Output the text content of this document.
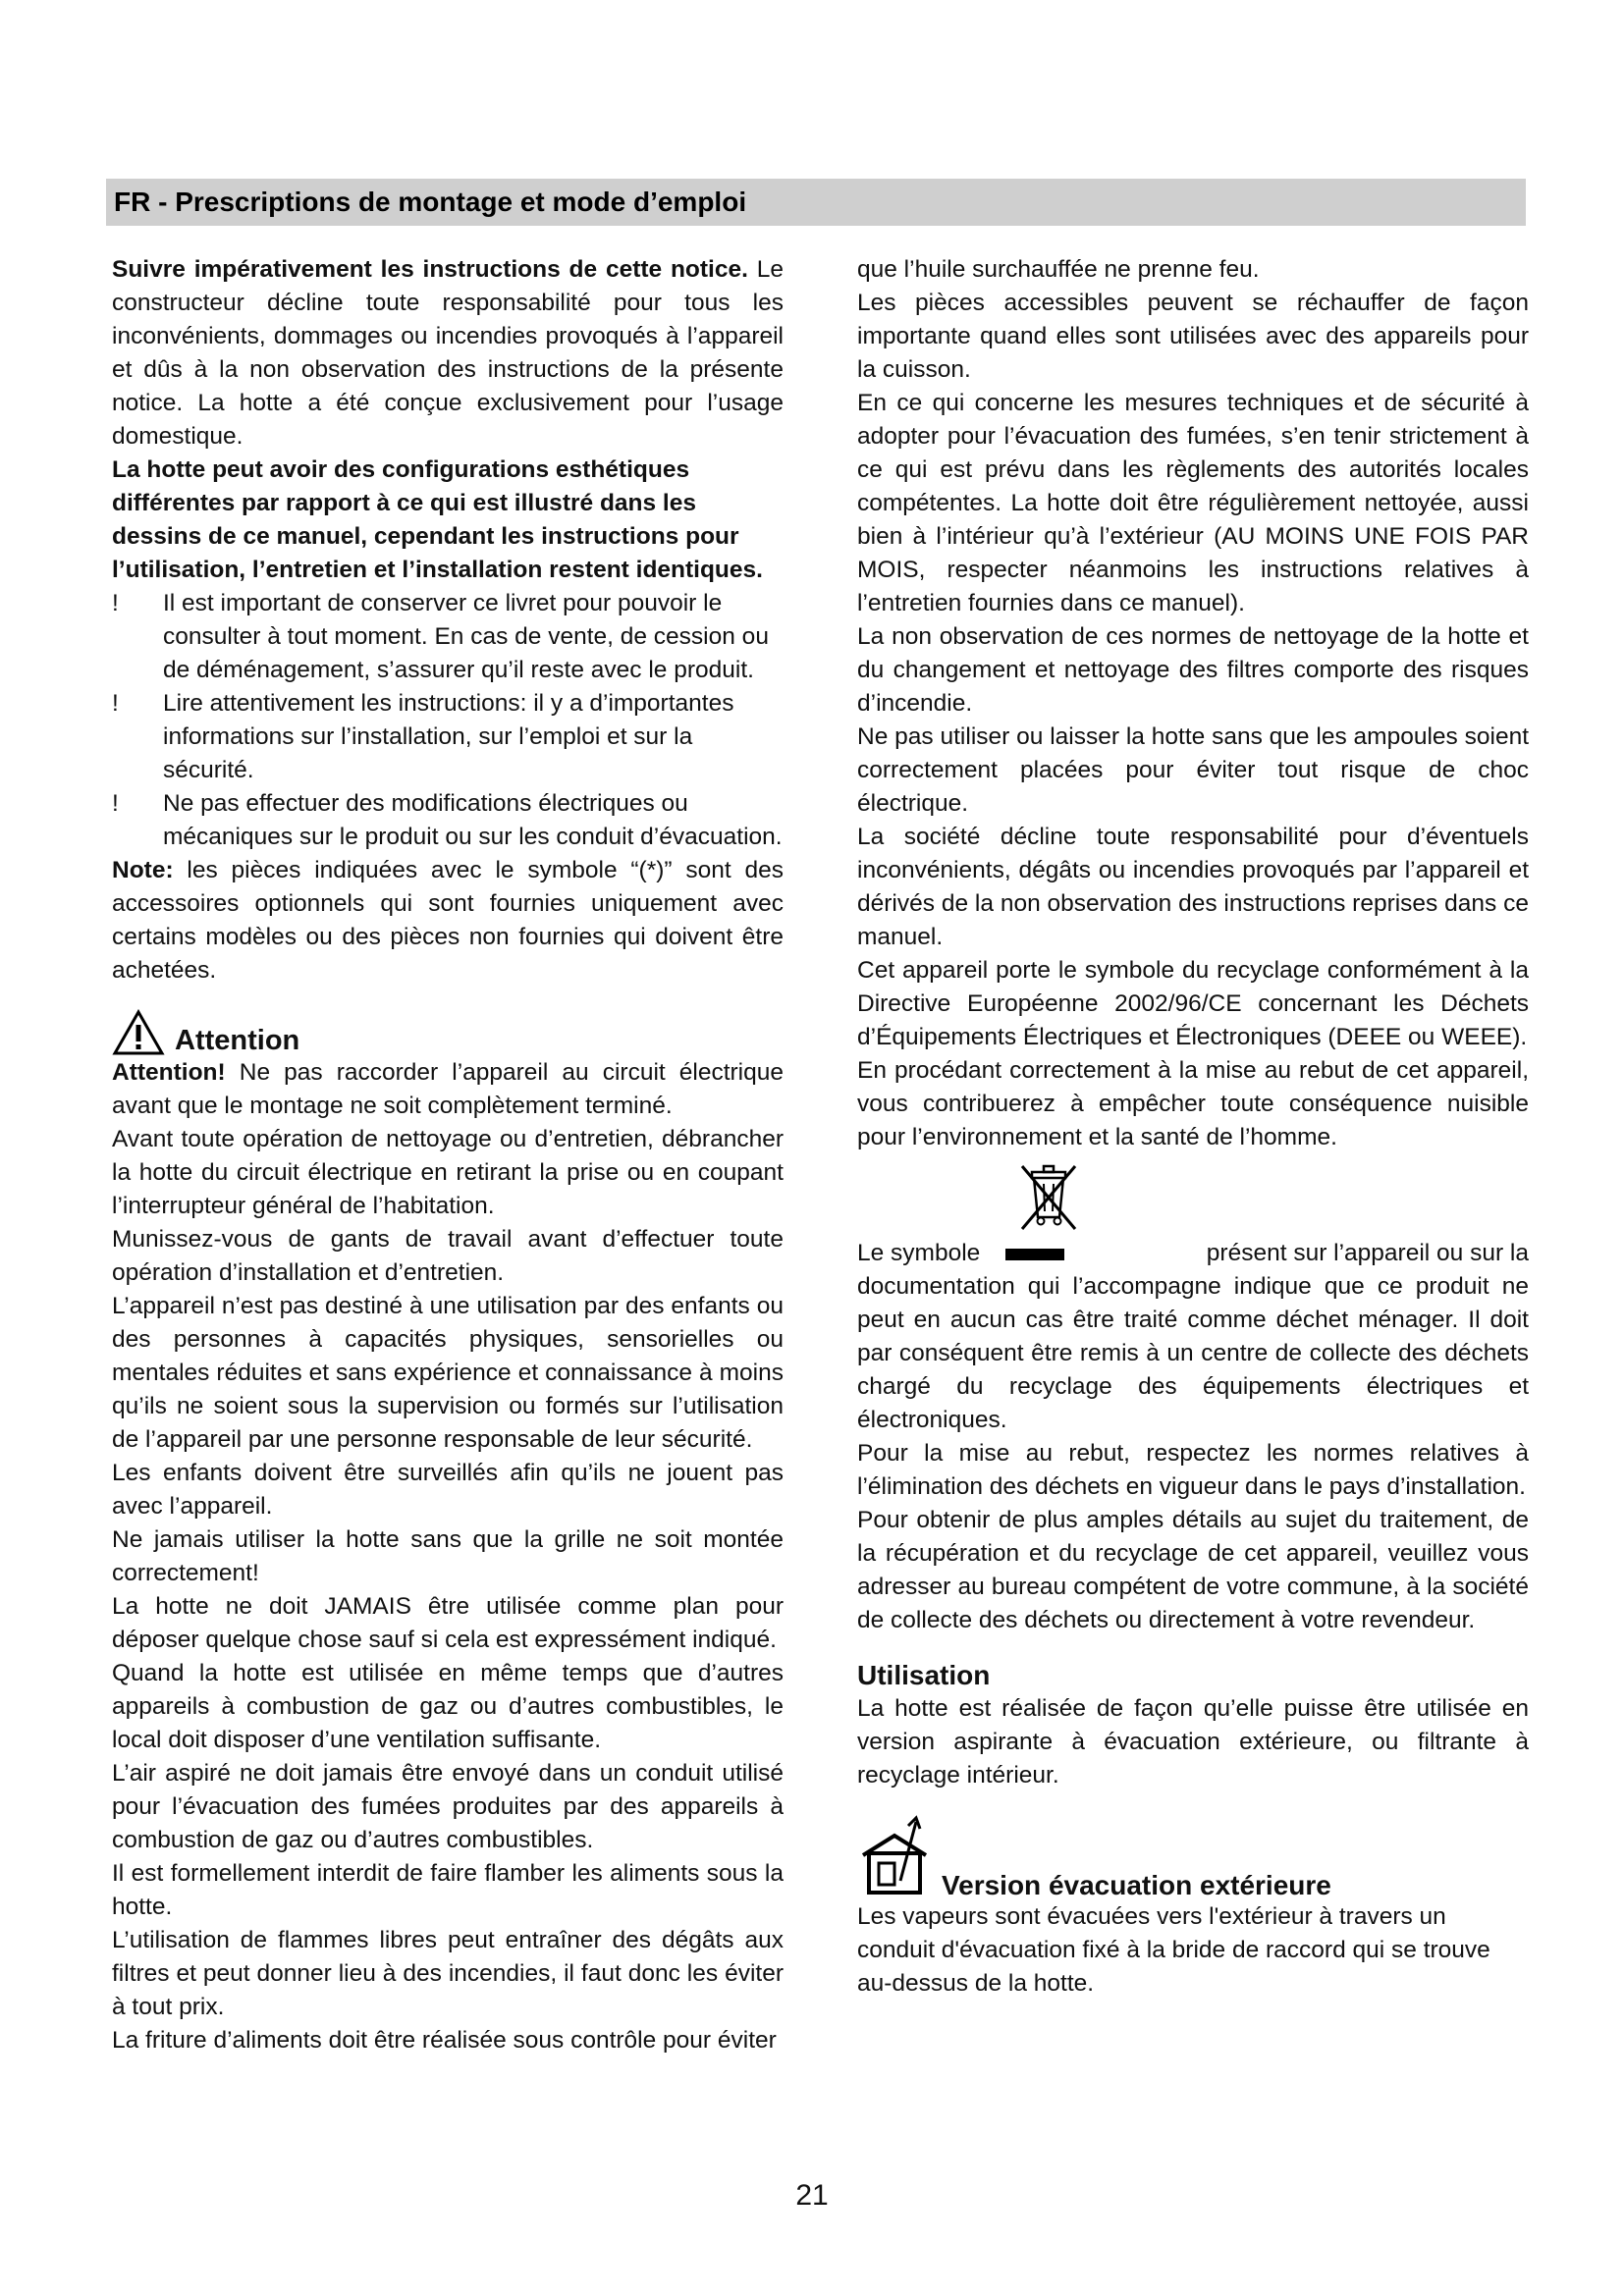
FR - Prescriptions de montage et mode d’emploi

Suivre impérativement les instructions de cette notice. Le constructeur décline toute responsabilité pour tous les inconvénients, dommages ou incendies provoqués à l’appareil et dûs à la non observation des instructions de la présente notice. La hotte a été conçue exclusivement pour l’usage domestique.

La hotte peut avoir des configurations esthétiques différentes par rapport à ce qui est illustré dans les dessins de ce manuel, cependant les instructions pour l’utilisation, l’entretien et l’installation restent identiques.

! Il est important de conserver ce livret pour pouvoir le consulter à tout moment. En cas de vente, de cession ou de déménagement, s’assurer qu’il reste avec le produit.

! Lire attentivement les instructions: il y a d’importantes informations sur l’installation, sur l’emploi et sur la sécurité.

! Ne pas effectuer des modifications électriques ou mécaniques sur le produit ou sur les conduit d’évacuation.

Note: les pièces indiquées avec le symbole “(*)” sont des accessoires optionnels qui sont fournies uniquement avec certains modèles ou des pièces non fournies qui doivent être achetées.

Attention

Attention! Ne pas raccorder l’appareil au circuit électrique avant que le montage ne soit complètement terminé.

Avant toute opération de nettoyage ou d’entretien, débrancher la hotte du circuit électrique en retirant la prise ou en coupant l’interrupteur général de l’habitation.

Munissez-vous de gants de travail avant d’effectuer toute opération d’installation et d’entretien.

L’appareil n’est pas destiné à une utilisation par des enfants ou des personnes à capacités physiques, sensorielles ou mentales réduites et sans expérience et connaissance à moins qu’ils ne soient sous la supervision ou formés sur l’utilisation de l’appareil par une personne responsable de leur sécurité.

Les enfants doivent être surveillés afin qu’ils ne jouent pas avec l’appareil.

Ne jamais utiliser la hotte sans que la grille ne soit montée correctement!

La hotte ne doit JAMAIS être utilisée comme plan pour déposer quelque chose sauf si cela est expressément indiqué.

Quand la hotte est utilisée en même temps que d’autres appareils à combustion de gaz ou d’autres combustibles, le local doit disposer d’une ventilation suffisante.

L’air aspiré ne doit jamais être envoyé dans un conduit utilisé pour l’évacuation des fumées produites par des appareils à combustion de gaz ou d’autres combustibles.

Il est formellement interdit de faire flamber les aliments sous la hotte.

L’utilisation de flammes libres peut entraîner des dégâts aux filtres et peut donner lieu à des incendies, il faut donc les éviter à tout prix.

La friture d’aliments doit être réalisée sous contrôle pour éviter

que l’huile surchauffée ne prenne feu.

Les pièces accessibles peuvent se réchauffer de façon importante quand elles sont utilisées avec des appareils pour la cuisson.

En ce qui concerne les mesures techniques et de sécurité à adopter pour l’évacuation des fumées, s’en tenir strictement à ce qui est prévu dans les règlements des autorités locales compétentes. La hotte doit être régulièrement nettoyée, aussi bien à l’intérieur qu’à l’extérieur (AU MOINS UNE FOIS PAR MOIS, respecter néanmoins les instructions relatives à l’entretien fournies dans ce manuel).

La non observation de ces normes de nettoyage de la hotte et du changement et nettoyage des filtres comporte des risques d’incendie.

Ne pas utiliser ou laisser la hotte sans que les ampoules soient correctement placées pour éviter tout risque de choc électrique.

La société décline toute responsabilité pour d’éventuels inconvénients, dégâts ou incendies provoqués par l’appareil et dérivés de la non observation des instructions reprises dans ce manuel.

Cet appareil porte le symbole du recyclage conformément à la Directive Européenne 2002/96/CE concernant les Déchets d’Équipements Électriques et Électroniques (DEEE ou WEEE).

En procédant correctement à la mise au rebut de cet appareil, vous contribuerez à empêcher toute conséquence nuisible pour l’environnement et la santé de l’homme.

Le symbole	présent sur l’appareil ou sur la

documentation qui l’accompagne indique que ce produit ne peut en aucun cas être traité comme déchet ménager. Il doit par conséquent être remis à un centre de collecte des déchets chargé du recyclage des équipements électriques et électroniques.

Pour la mise au rebut, respectez les normes relatives à l’élimination des déchets en vigueur dans le pays d’installation.

Pour obtenir de plus amples détails au sujet du traitement, de la récupération et du recyclage de cet appareil, veuillez vous adresser au bureau compétent de votre commune, à la société de collecte des déchets ou directement à votre revendeur.

Utilisation

La hotte est réalisée de façon qu’elle puisse être utilisée en version aspirante à évacuation extérieure, ou filtrante à recyclage intérieur.

Version évacuation extérieure

Les vapeurs sont évacuées vers l'extérieur à travers un conduit d'évacuation fixé à la bride de raccord qui se trouve au-dessus de la hotte.

21
